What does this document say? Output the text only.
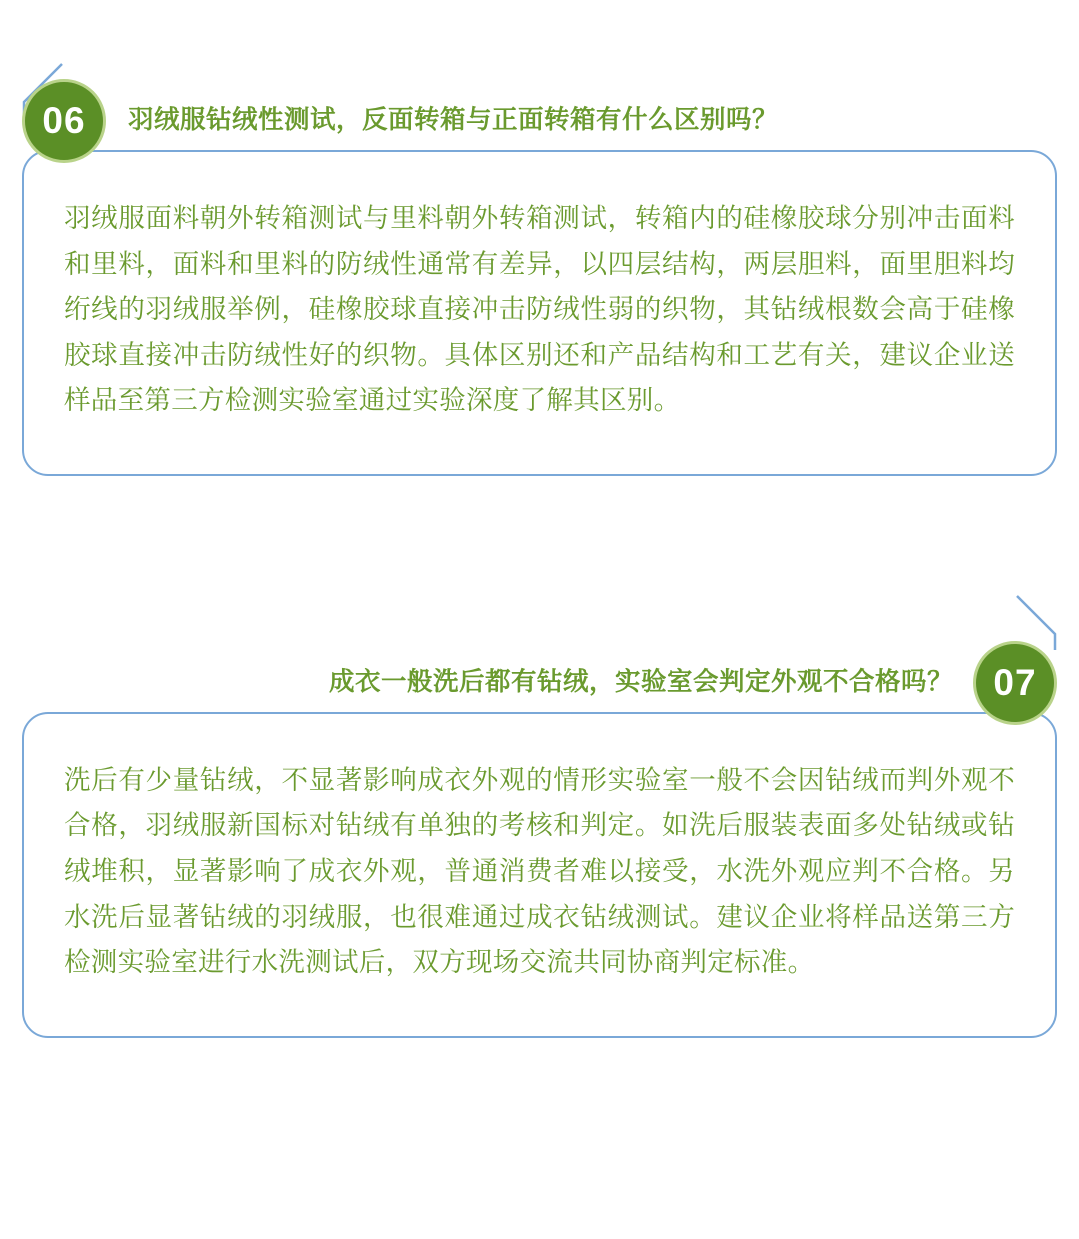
06	羽绒服钻绒性测试，反面转箱与正面转箱有什么区别吗？
羽绒服面料朝外转箱测试与里料朝外转箱测试，转箱内的硅橡胶球分别冲击面料和里料，面料和里料的防绒性通常有差异，以四层结构，两层胆料，面里胆料均绗线的羽绒服举例，硅橡胶球直接冲击防绒性弱的织物，其钻绒根数会高于硅橡胶球直接冲击防绒性好的织物。具体区别还和产品结构和工艺有关，建议企业送样品至第三方检测实验室通过实验深度了解其区别。
成衣一般洗后都有钻绒，实验室会判定外观不合格吗？	07
洗后有少量钻绒，不显著影响成衣外观的情形实验室一般不会因钻绒而判外观不合格，羽绒服新国标对钻绒有单独的考核和判定。如洗后服装表面多处钻绒或钻绒堆积，显著影响了成衣外观，普通消费者难以接受，水洗外观应判不合格。另水洗后显著钻绒的羽绒服，也很难通过成衣钻绒测试。建议企业将样品送第三方检测实验室进行水洗测试后，双方现场交流共同协商判定标准。
